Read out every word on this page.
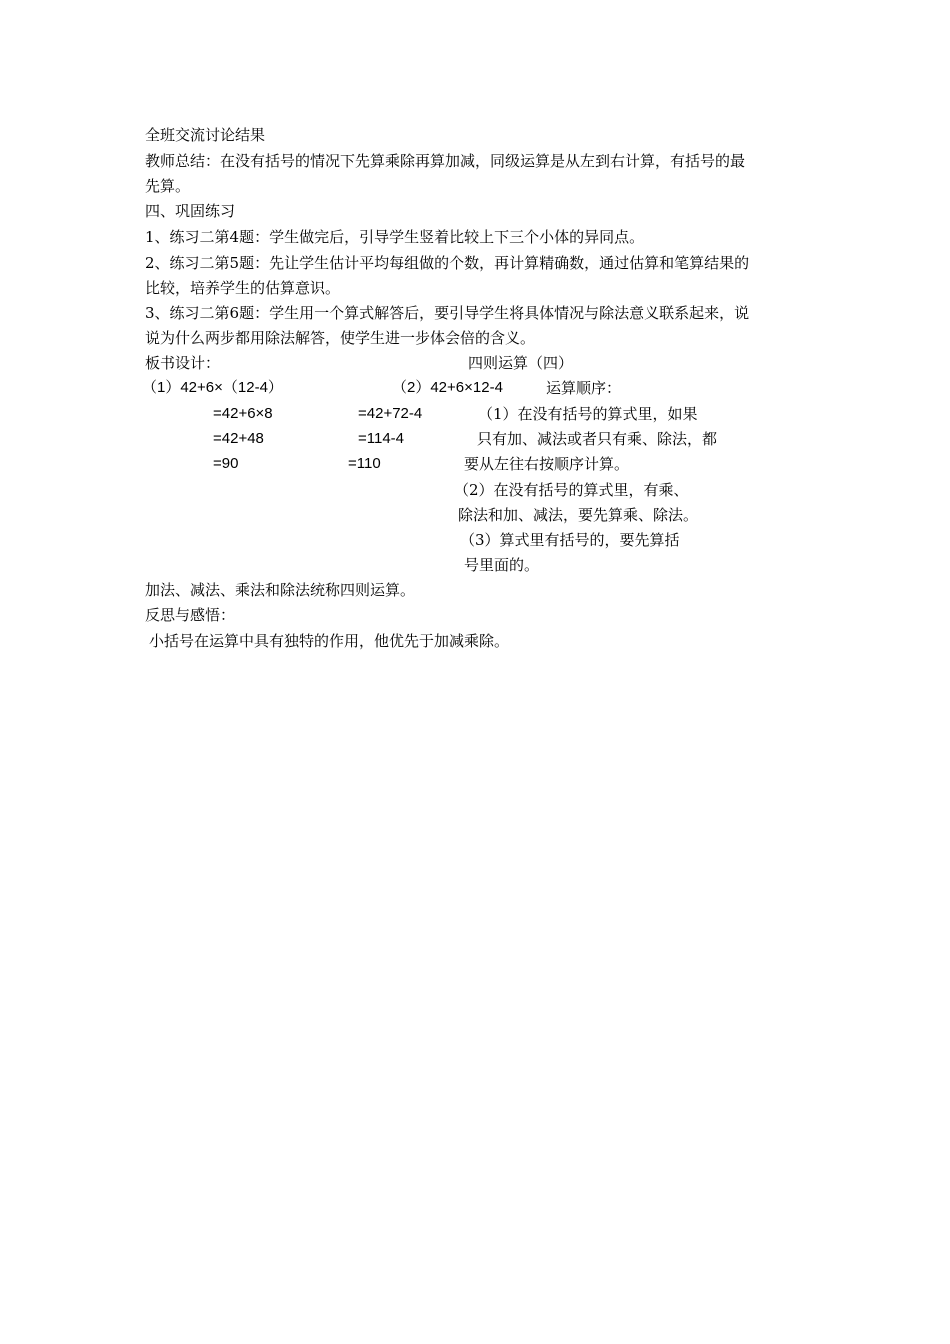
全班交流讨论结果
教师总结：在没有括号的情况下先算乘除再算加减，同级运算是从左到右计算，有括号的最
先算。
四、巩固练习
1、练习二第4题：学生做完后，引导学生竖着比较上下三个小体的异同点。
2、练习二第5题：先让学生估计平均每组做的个数，再计算精确数，通过估算和笔算结果的
比较，培养学生的估算意识。
3、练习二第6题：学生用一个算式解答后，要引导学生将具体情况与除法意义联系起来，说
说为什么两步都用除法解答，使学生进一步体会倍的含义。
板书设计：	四则运算（四）
（1）42+6×（12-4）
=42+6×8
=42+48
=90
（2）42+6×12-4
=42+72-4
=114-4
=110
运算顺序：
（1）在没有括号的算式里，如果
只有加、减法或者只有乘、除法，都
要从左往右按顺序计算。
（2）在没有括号的算式里，有乘、
除法和加、减法，要先算乘、除法。
（3）算式里有括号的，要先算括
号里面的。
加法、减法、乘法和除法统称四则运算。
反思与感悟：
小括号在运算中具有独特的作用，他优先于加减乘除。
